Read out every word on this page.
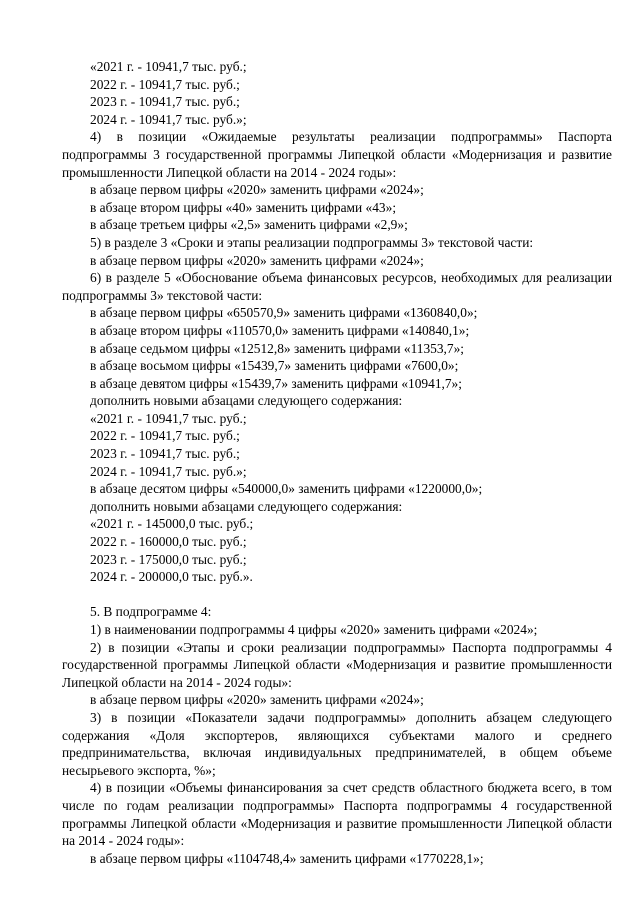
«2021 г. - 10941,7 тыс. руб.;

2022 г. - 10941,7 тыс. руб.;

2023 г. - 10941,7 тыс. руб.;

2024 г. - 10941,7 тыс. руб.»;

4) в позиции «Ожидаемые результаты реализации подпрограммы» Паспорта подпрограммы 3 государственной программы Липецкой области «Модернизация и развитие промышленности Липецкой области на 2014 - 2024 годы»:

в абзаце первом цифры «2020» заменить цифрами «2024»;

в абзаце втором цифры «40» заменить цифрами «43»;

в абзаце третьем цифры «2,5» заменить цифрами «2,9»;

5) в разделе 3 «Сроки и этапы реализации подпрограммы 3» текстовой части:

в абзаце первом цифры «2020» заменить цифрами «2024»;

6) в разделе 5 «Обоснование объема финансовых ресурсов, необходимых для реализации подпрограммы 3» текстовой части:

в абзаце первом цифры «650570,9» заменить цифрами «1360840,0»;

в абзаце втором цифры «110570,0» заменить цифрами «140840,1»;

в абзаце седьмом цифры «12512,8» заменить цифрами «11353,7»;

в абзаце восьмом цифры «15439,7» заменить цифрами «7600,0»;

в абзаце девятом цифры «15439,7» заменить цифрами «10941,7»;

дополнить новыми абзацами следующего содержания:

«2021 г. - 10941,7 тыс. руб.;

2022 г. - 10941,7 тыс. руб.;

2023 г. - 10941,7 тыс. руб.;

2024 г. - 10941,7 тыс. руб.»;

в абзаце десятом цифры «540000,0» заменить цифрами «1220000,0»;

дополнить новыми абзацами следующего содержания:

«2021 г. - 145000,0 тыс. руб.;

2022 г. - 160000,0 тыс. руб.;

2023 г. - 175000,0 тыс. руб.;

2024 г. - 200000,0 тыс. руб.».

5. В подпрограмме 4:

1) в наименовании подпрограммы 4 цифры «2020» заменить цифрами «2024»;

2) в позиции «Этапы и сроки реализации подпрограммы» Паспорта подпрограммы 4 государственной программы Липецкой области «Модернизация и развитие промышленности Липецкой области на 2014 - 2024 годы»:

в абзаце первом цифры «2020» заменить цифрами «2024»;

3) в позиции «Показатели задачи подпрограммы» дополнить абзацем следующего содержания «Доля экспортеров, являющихся субъектами малого и среднего предпринимательства, включая индивидуальных предпринимателей, в общем объеме несырьевого экспорта, %»;

4) в позиции «Объемы финансирования за счет средств областного бюджета всего, в том числе по годам реализации подпрограммы» Паспорта подпрограммы 4 государственной программы Липецкой области «Модернизация и развитие промышленности Липецкой области на 2014 - 2024 годы»:

в абзаце первом цифры «1104748,4» заменить цифрами «1770228,1»;
